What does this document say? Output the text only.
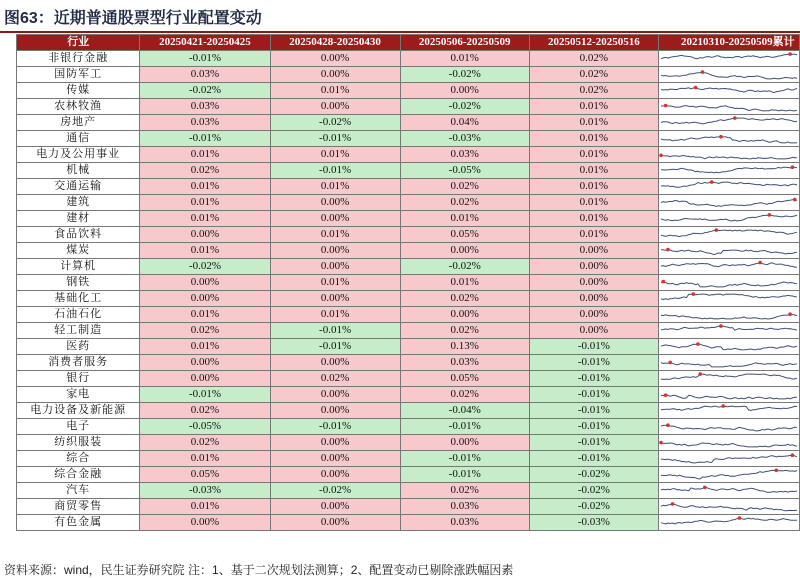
图63：近期普通股票型行业配置变动
行业	20250421-20250425	20250428-20250430	20250506-20250509	20250512-20250516	20210310-20250509累计
非银行金融	-0.01%	0.00%	0.01%	0.02%	

国防军工	0.03%	0.00%	-0.02%	0.02%	

传媒	-0.02%	0.01%	0.00%	0.02%	

农林牧渔	0.03%	0.00%	-0.02%	0.01%	

房地产	0.03%	-0.02%	0.04%	0.01%	

通信	-0.01%	-0.01%	-0.03%	0.01%	

电力及公用事业	0.01%	0.01%	0.03%	0.01%	

机械	0.02%	-0.01%	-0.05%	0.01%	

交通运输	0.01%	0.01%	0.02%	0.01%	

建筑	0.01%	0.00%	0.02%	0.01%	

建材	0.01%	0.00%	0.01%	0.01%	

食品饮料	0.00%	0.01%	0.05%	0.01%	

煤炭	0.01%	0.00%	0.00%	0.00%	

计算机	-0.02%	0.00%	-0.02%	0.00%	

钢铁	0.00%	0.01%	0.01%	0.00%	

基础化工	0.00%	0.00%	0.02%	0.00%	

石油石化	0.01%	0.01%	0.00%	0.00%	

轻工制造	0.02%	-0.01%	0.02%	0.00%	

医药	0.01%	-0.01%	0.13%	-0.01%	

消费者服务	0.00%	0.00%	0.03%	-0.01%	

银行	0.00%	0.02%	0.05%	-0.01%	

家电	-0.01%	0.00%	0.02%	-0.01%	

电力设备及新能源	0.02%	0.00%	-0.04%	-0.01%	

电子	-0.05%	-0.01%	-0.01%	-0.01%	

纺织服装	0.02%	0.00%	0.00%	-0.01%	

综合	0.01%	0.00%	-0.01%	-0.01%	

综合金融	0.05%	0.00%	-0.01%	-0.02%	

汽车	-0.03%	-0.02%	0.02%	-0.02%	

商贸零售	0.01%	0.00%	0.03%	-0.02%	

有色金属	0.00%	0.00%	0.03%	-0.03%	
资料来源：wind，民生证券研究院 注：1、基于二次规划法测算；2、配置变动已剔除涨跌幅因素
